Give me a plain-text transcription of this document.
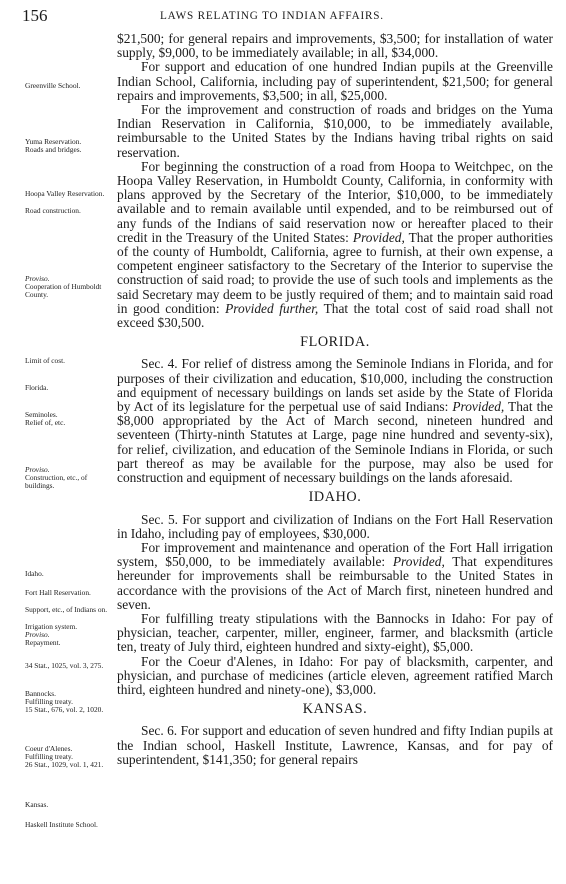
156	LAWS RELATING TO INDIAN AFFAIRS.
Greenville School.
Yuma Reservation.
Roads and bridges.
Hoopa Valley Reservation.
Road construction.
Proviso.
Cooperation of Humboldt County.
Limit of cost.
Florida.
Seminoles.
Relief of, etc.
Proviso.
Construction, etc., of buildings.
Idaho.
Fort Hall Reservation.
Support, etc., of Indians on.
Irrigation system.
Proviso.
Repayment.
34 Stat., 1025, vol. 3, 275.
Bannocks.
Fulfilling treaty.
15 Stat., 676, vol. 2, 1020.
Coeur d'Alenes.
Fulfilling treaty.
26 Stat., 1029, vol. 1, 421.
Kansas.
Haskell Institute School.

$21,500; for general repairs and improvements, $3,500; for installation of water supply, $9,000, to be immediately available; in all, $34,000.

For support and education of one hundred Indian pupils at the Greenville Indian School, California, including pay of superintendent, $21,500; for general repairs and improvements, $3,500; in all, $25,000.

For the improvement and construction of roads and bridges on the Yuma Indian Reservation in California, $10,000, to be immediately available, reimbursable to the United States by the Indians having tribal rights on said reservation.

For beginning the construction of a road from Hoopa to Weitchpec, on the Hoopa Valley Reservation, in Humboldt County, California, in conformity with plans approved by the Secretary of the Interior, $10,000, to be immediately available and to remain available until expended, and to be reimbursed out of any funds of the Indians of said reservation now or hereafter placed to their credit in the Treasury of the United States: Provided, That the proper authorities of the county of Humboldt, California, agree to furnish, at their own expense, a competent engineer satisfactory to the Secretary of the Interior to supervise the construction of said road; to provide the use of such tools and implements as the said Secretary may deem to be justly required of them; and to maintain said road in good condition: Provided further, That the total cost of said road shall not exceed $30,500.

FLORIDA.

Sec. 4. For relief of distress among the Seminole Indians in Florida, and for purposes of their civilization and education, $10,000, including the construction and equipment of necessary buildings on lands set aside by the State of Florida by Act of its legislature for the perpetual use of said Indians: Provided, That the $8,000 appropriated by the Act of March second, nineteen hundred and seventeen (Thirty-ninth Statutes at Large, page nine hundred and seventy-six), for relief, civilization, and education of the Seminole Indians in Florida, or such part thereof as may be available for the purpose, may also be used for construction and equipment of necessary buildings on the lands aforesaid.

IDAHO.

Sec. 5. For support and civilization of Indians on the Fort Hall Reservation in Idaho, including pay of employees, $30,000.

For improvement and maintenance and operation of the Fort Hall irrigation system, $50,000, to be immediately available: Provided, That expenditures hereunder for improvements shall be reimbursable to the United States in accordance with the provisions of the Act of March first, nineteen hundred and seven.

For fulfilling treaty stipulations with the Bannocks in Idaho: For pay of physician, teacher, carpenter, miller, engineer, farmer, and blacksmith (article ten, treaty of July third, eighteen hundred and sixty-eight), $5,000.

For the Coeur d'Alenes, in Idaho: For pay of blacksmith, carpenter, and physician, and purchase of medicines (article eleven, agreement ratified March third, eighteen hundred and ninety-one), $3,000.

KANSAS.

Sec. 6. For support and education of seven hundred and fifty Indian pupils at the Indian school, Haskell Institute, Lawrence, Kansas, and for pay of superintendent, $141,350; for general repairs
